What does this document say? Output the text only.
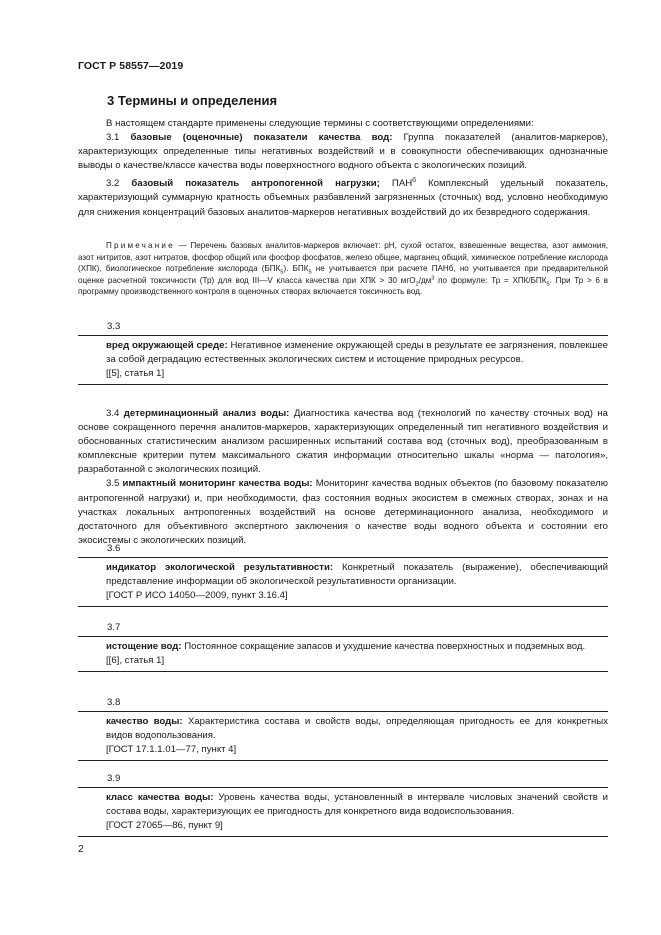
ГОСТ Р 58557—2019
3 Термины и определения

В настоящем стандарте применены следующие термины с соответствующими определениями:

3.1 базовые (оценочные) показатели качества вод: Группа показателей (аналитов-маркеров), характеризующих определенные типы негативных воздействий и в совокупности обеспечивающих однозначные выводы о качестве/классе качества воды поверхностного водного объекта с экологических позиций.

3.2 базовый показатель антропогенной нагрузки; $ПАН^б$ Комплексный удельный показатель, характеризующий суммарную кратность объемных разбавлений загрязненных (сточных) вод, условно необходимую для снижения концентраций базовых аналитов-маркеров негативных воздействий до их безвредного содержания.

Примечание — Перечень базовых аналитов-маркеров включает: pH, сухой остаток, взвешенные вещества, азот аммония, азот нитритов, азот нитратов, фосфор общий или фосфор фосфатов, железо общее, марганец общий, химическое потребление кислорода (ХПК), биологическое потребление кислорода $(БПК_5)$. $БПК_5$ не учитывается при расчете ПАНб, но учитывается при предварительной оценке расчетной токсичности (Тр) для вод III—V класса качества при ХПК > 30 $мгО_2/дм^3$ по формуле: Тр = ХПК/$БПК_5$. При Тр > 6 в программу производственного контроля в оценочных створах включается токсичность вод.

3.3

вред окружающей среде: Негативное изменение окружающей среды в результате ее загрязнения, повлекшее за собой деградацию естественных экологических систем и истощение природных ресурсов.

[[5], статья 1]

3.4 детерминационный анализ воды: Диагностика качества вод (технологий по качеству сточных вод) на основе сокращенного перечня аналитов-маркеров, характеризующих определенный тип негативного воздействия и обоснованных статистическим анализом расширенных испытаний состава вод (сточных вод), преобразованным в комплексные критерии путем максимального сжатия информации относительно шкалы «норма — патология», разработанной с экологических позиций.

3.5 импактный мониторинг качества воды: Мониторинг качества водных объектов (по базовому показателю антропогенной нагрузки) и, при необходимости, фаз состояния водных экосистем в смежных створах, зонах и на участках локальных антропогенных воздействий на основе детерминационного анализа, необходимого и достаточного для объективного экспертного заключения о качестве воды водного объекта и состоянии его экосистемы с экологических позиций.

3.6

индикатор экологической результативности: Конкретный показатель (выражение), обеспечивающий представление информации об экологической результативности организации.

[ГОСТ Р ИСО 14050—2009, пункт 3.16.4]

3.7

истощение вод: Постоянное сокращение запасов и ухудшение качества поверхностных и подземных вод.

[[6], статья 1]

3.8

качество воды: Характеристика состава и свойств воды, определяющая пригодность ее для конкретных видов водопользования.

[ГОСТ 17.1.1.01—77, пункт 4]

3.9

класс качества воды: Уровень качества воды, установленный в интервале числовых значений свойств и состава воды, характеризующих ее пригодность для конкретного вида водоиспользования.

[ГОСТ 27065—86, пункт 9]

2
